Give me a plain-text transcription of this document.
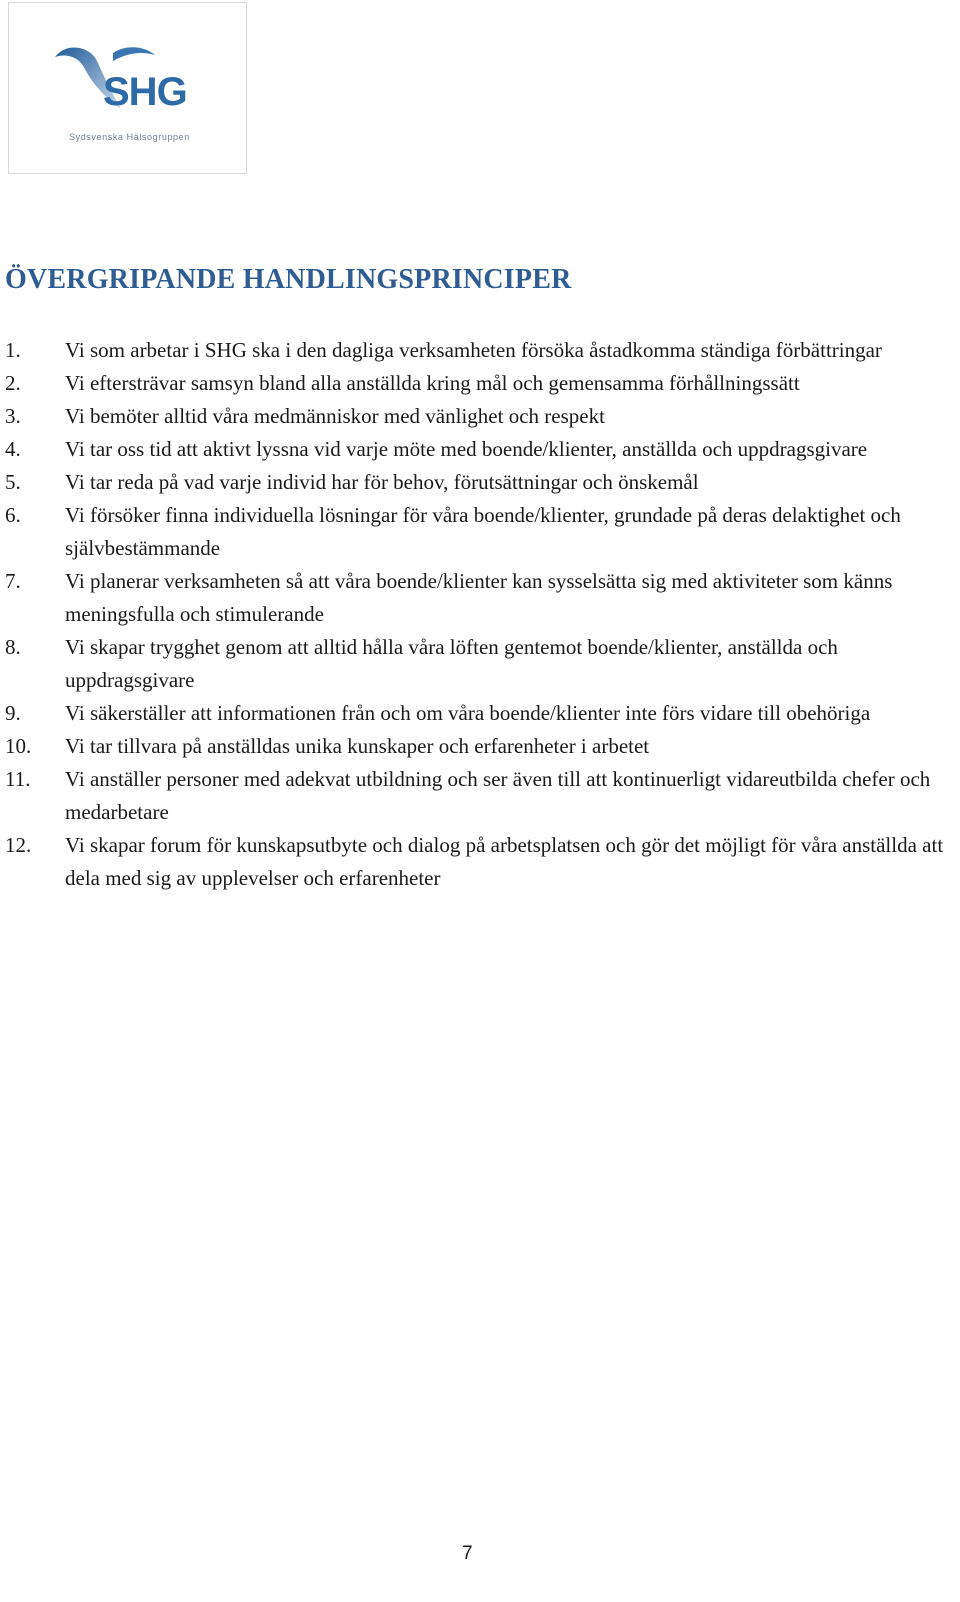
SHG
Sydsvenska Hälsogruppen
ÖVERGRIPANDE HANDLINGSPRINCIPER
1. Vi som arbetar i SHG ska i den dagliga verksamheten försöka åstadkomma ständiga förbättringar
2. Vi eftersträvar samsyn bland alla anställda kring mål och gemensamma förhållningssätt
3. Vi bemöter alltid våra medmänniskor med vänlighet och respekt
4. Vi tar oss tid att aktivt lyssna vid varje möte med boende/klienter, anställda och uppdragsgivare
5. Vi tar reda på vad varje individ har för behov, förutsättningar och önskemål
6. Vi försöker finna individuella lösningar för våra boende/klienter, grundade på deras delaktighet och självbestämmande
7. Vi planerar verksamheten så att våra boende/klienter kan sysselsätta sig med aktiviteter som känns meningsfulla och stimulerande
8. Vi skapar trygghet genom att alltid hålla våra löften gentemot boende/klienter, anställda och uppdragsgivare
9. Vi säkerställer att informationen från och om våra boende/klienter inte förs vidare till obehöriga
10. Vi tar tillvara på anställdas unika kunskaper och erfarenheter i arbetet
11. Vi anställer personer med adekvat utbildning och ser även till att kontinuerligt vidareutbilda chefer och medarbetare
12. Vi skapar forum för kunskapsutbyte och dialog på arbetsplatsen och gör det möjligt för våra anställda att dela med sig av upplevelser och erfarenheter
7
